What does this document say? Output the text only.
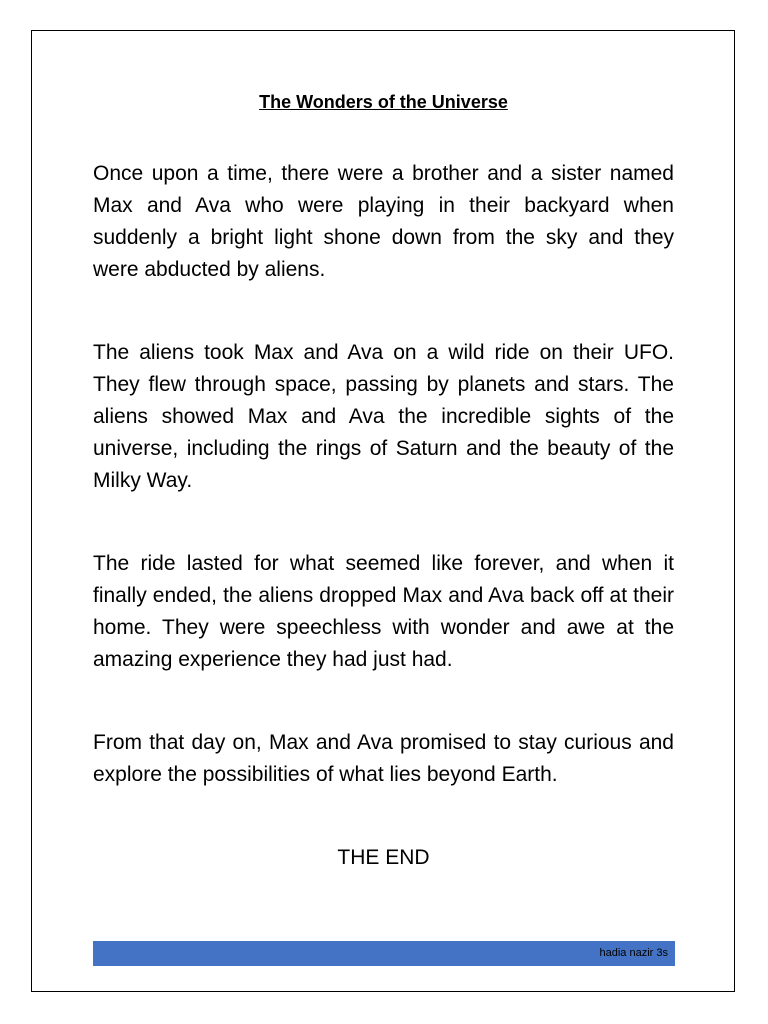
The Wonders of the Universe

Once upon a time, there were a brother and a sister named Max and Ava who were playing in their backyard when suddenly a bright light shone down from the sky and they were abducted by aliens.

The aliens took Max and Ava on a wild ride on their UFO. They flew through space, passing by planets and stars. The aliens showed Max and Ava the incredible sights of the universe, including the rings of Saturn and the beauty of the Milky Way.

The ride lasted for what seemed like forever, and when it finally ended, the aliens dropped Max and Ava back off at their home. They were speechless with wonder and awe at the amazing experience they had just had.

From that day on, Max and Ava promised to stay curious and explore the possibilities of what lies beyond Earth.

THE END
hadia nazir 3s
